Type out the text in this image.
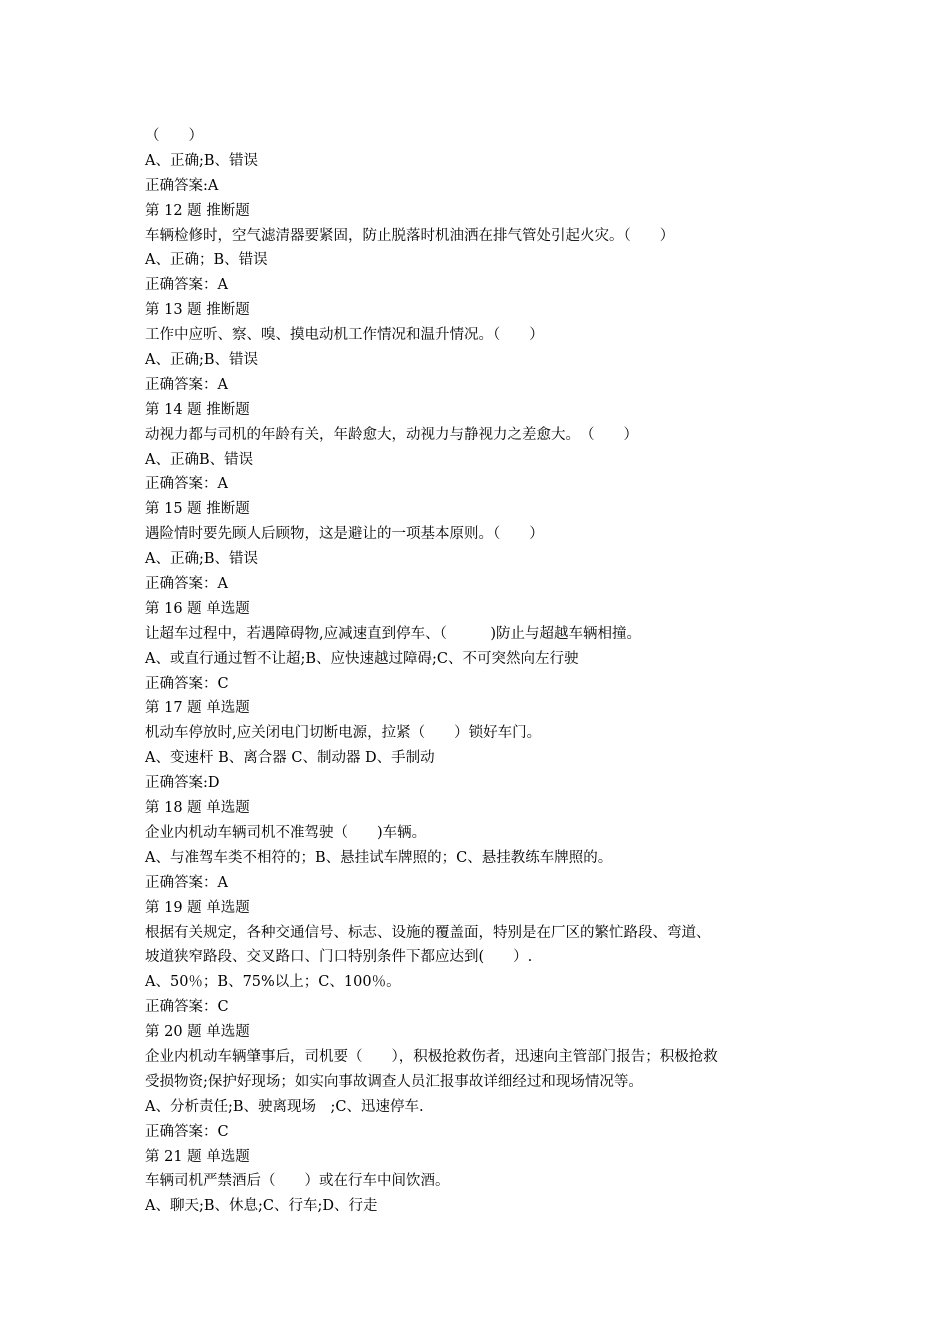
（　　）
A、正确;B、错误
正确答案:A
第 12 题 推断题
车辆检修时，空气滤清器要紧固，防止脱落时机油洒在排气管处引起火灾。（　　）
A、正确；B、错误
正确答案：A
第 13 题 推断题
工作中应听、察、嗅、摸电动机工作情况和温升情况。（　　）
A、正确;B、错误
正确答案：A
第 14 题 推断题
动视力都与司机的年龄有关，年龄愈大，动视力与静视力之差愈大。　（　　）
A、正确B、错误
正确答案：A
第 15 题 推断题
遇险情时要先顾人后顾物，这是避让的一项基本原则。（　　）
A、正确;B、错误
正确答案：A
第 16 题 单选题
让超车过程中，若遇障碍物,应减速直到停车、（　　　)防止与超越车辆相撞。
A、或直行通过暂不让超;B、应快速越过障碍;C、不可突然向左行驶
正确答案：C
第 17 题 单选题
机动车停放时,应关闭电门切断电源，拉紧（　　）锁好车门。
A、变速杆 B、离合器 C、制动器 D、手制动
正确答案:D
第 18 题 单选题
企业内机动车辆司机不准驾驶（　　)车辆。
A、与准驾车类不相符的；B、悬挂试车牌照的；C、悬挂教练车牌照的。
正确答案：A
第 19 题 单选题
根据有关规定，各种交通信号、标志、设施的覆盖面，特别是在厂区的繁忙路段、弯道、
坡道狭窄路段、交叉路口、门口特别条件下都应达到(　　）.
A、50％；B、75%以上；C、100％。
正确答案：C
第 20 题 单选题
企业内机动车辆肇事后，司机要（　　），积极抢救伤者，迅速向主管部门报告；积极抢救
受损物资;保护好现场；如实向事故调查人员汇报事故详细经过和现场情况等。
A、分析责任;B、驶离现场　;C、迅速停车.
正确答案：C
第 21 题 单选题
车辆司机严禁酒后（　　）或在行车中间饮酒。
A、聊天;B、休息;C、行车;D、行走
